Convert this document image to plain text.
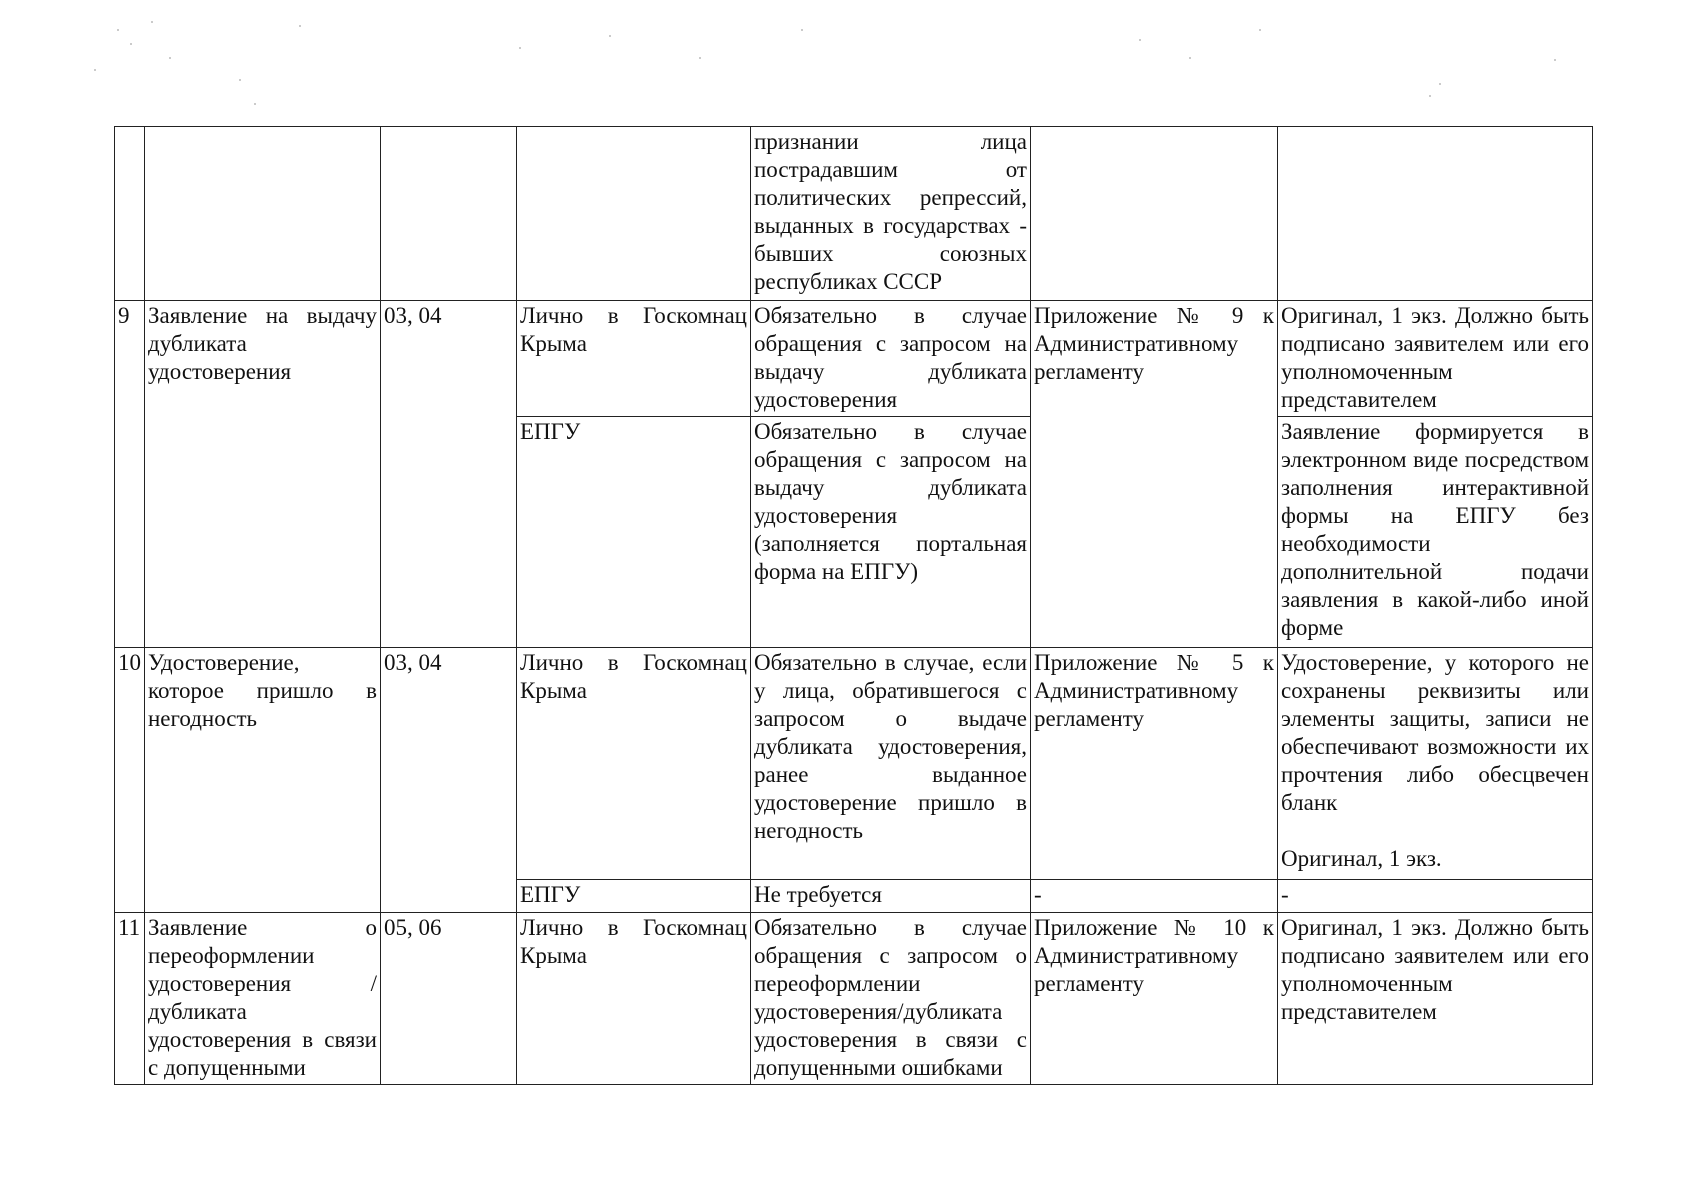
				признании лица пострадавшим от политических репрессий, выданных в государствах - бывших союзных республиках СССР		
9	Заявление на выдачу дубликата удостоверения	03, 04	Лично в Госкомнац Крыма	Обязательно в случае обращения с запросом на выдачу дубликата удостоверения	Приложение № 9 к Административному регламенту	Оригинал, 1 экз. Должно быть подписано заявителем или его уполномоченным представителем
			ЕПГУ	Обязательно в случае обращения с запросом на выдачу дубликата удостоверения (заполняется портальная форма на ЕПГУ)		Заявление формируется в электронном виде посредством заполнения интерактивной формы на ЕПГУ без необходимости дополнительной подачи заявления в какой-либо иной форме
10	Удостоверение, которое пришло в негодность	03, 04	Лично в Госкомнац Крыма	Обязательно в случае, если у лица, обратившегося с запросом о выдаче дубликата удостоверения, ранее выданное удостоверение пришло в негодность	Приложение № 5 к Административному регламенту	Удостоверение, у которого не сохранены реквизиты или элементы защиты, записи не обеспечивают возможности их прочтения либо обесцвечен бланк
Оригинал, 1 экз.

			ЕПГУ	Не требуется	-	-
11	Заявление о переоформлении удостоверения /дубликата удостоверения в связи с допущенными	05, 06	Лично в Госкомнац Крыма	Обязательно в случае обращения с запросом о переоформлении удостоверения/дубликата удостоверения в связи с допущенными ошибками	Приложение № 10 к Административному регламенту	Оригинал, 1 экз. Должно быть подписано заявителем или его уполномоченным представителем
